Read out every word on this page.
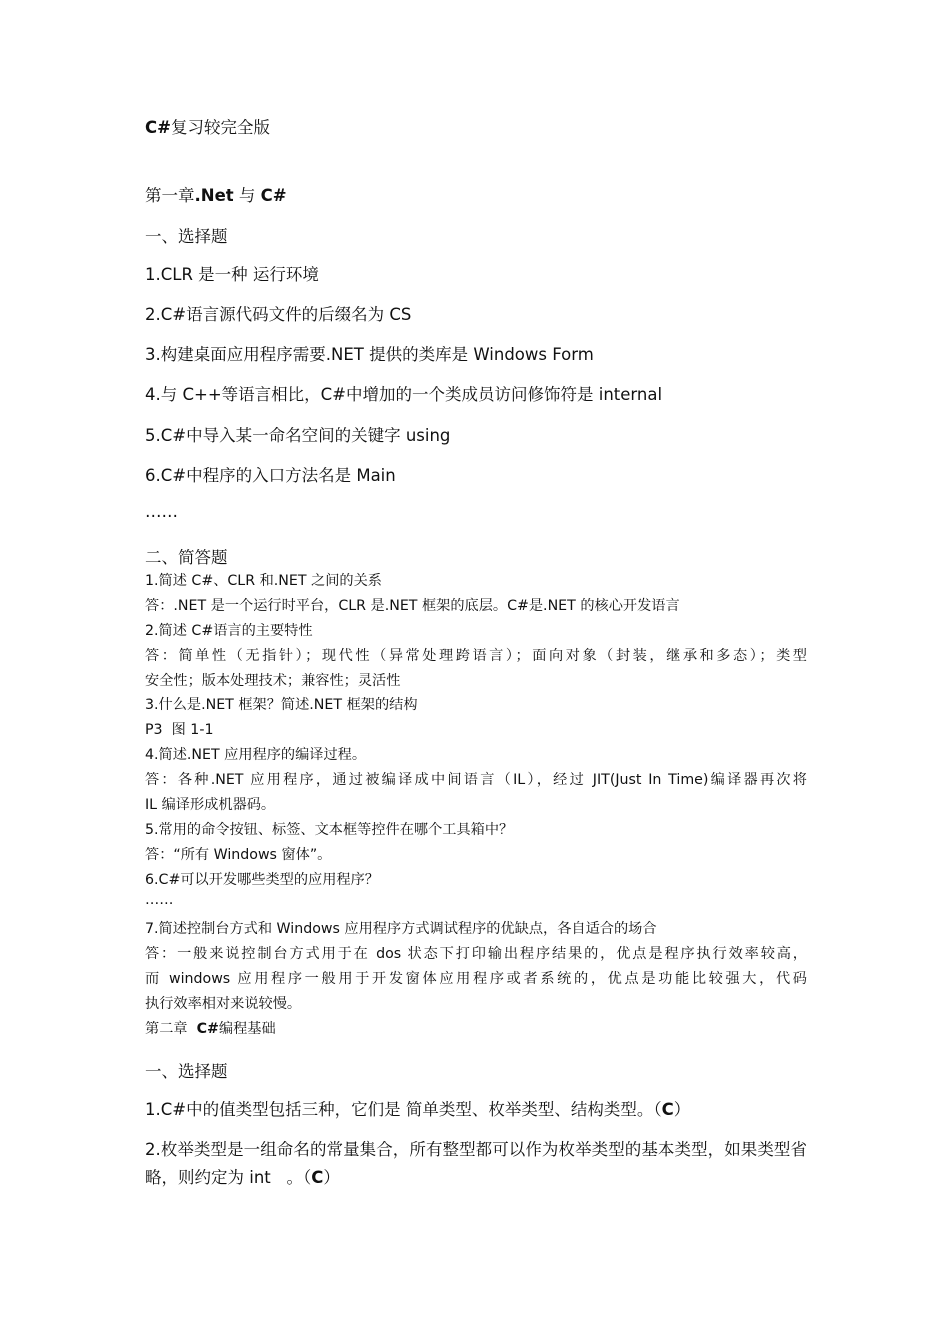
C#复习较完全版
第一章.Net 与 C#
一、选择题
1.CLR 是一种 运行环境
2.C#语言源代码文件的后缀名为 CS
3.构建桌面应用程序需要.NET 提供的类库是 Windows Form
4.与 C++等语言相比，C#中增加的一个类成员访问修饰符是 internal
5.C#中导入某一命名空间的关键字 using
6.C#中程序的入口方法名是 Main
……
二、简答题
1.简述 C#、CLR 和.NET 之间的关系
答：.NET 是一个运行时平台，CLR 是.NET 框架的底层。C#是.NET 的核心开发语言
2.简述 C#语言的主要特性
答：简单性（无指针）；现代性（异常处理跨语言）；面向对象（封装，继承和多态）；类型
安全性；版本处理技术；兼容性；灵活性
3.什么是.NET 框架？简述.NET 框架的结构
P3  图 1-1
4.简述.NET 应用程序的编译过程。
答：各种.NET 应用程序，通过被编译成中间语言（IL），经过 JIT(Just In Time)编译器再次将
IL 编译形成机器码。
5.常用的命令按钮、标签、文本框等控件在哪个工具箱中？
答：“所有 Windows 窗体”。
6.C#可以开发哪些类型的应用程序？
……
7.简述控制台方式和 Windows 应用程序方式调试程序的优缺点，各自适合的场合
答：一般来说控制台方式用于在 dos 状态下打印输出程序结果的，优点是程序执行效率较高，
而 windows 应用程序一般用于开发窗体应用程序或者系统的，优点是功能比较强大，代码
执行效率相对来说较慢。
第二章  C#编程基础
一、选择题
1.C#中的值类型包括三种，它们是 简单类型、枚举类型、结构类型。（C）
2.枚举类型是一组命名的常量集合，所有整型都可以作为枚举类型的基本类型，如果类型省
略，则约定为 int   。（C）
